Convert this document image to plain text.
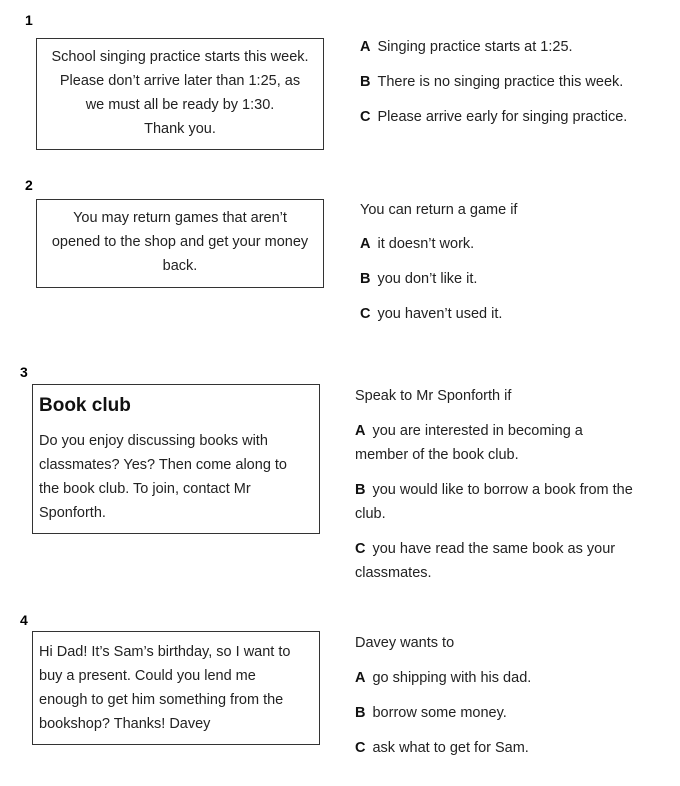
1
School singing practice starts this week.
Please don’t arrive later than 1:25, as
we must all be ready by 1:30.
Thank you.
A Singing practice starts at 1:25.
B There is no singing practice this week.
C Please arrive early for singing practice.
2
You may return games that aren’t
opened to the shop and get your money
back.
You can return a game if
A it doesn’t work.
B you don’t like it.
C you haven’t used it.
3
Book club
Do you enjoy discussing books with
classmates? Yes? Then come along to
the book club. To join, contact Mr
Sponforth.
Speak to Mr Sponforth if
A you are interested in becoming a
member of the book club.
B you would like to borrow a book from the
club.
C you have read the same book as your
classmates.
4
Hi Dad! It’s Sam’s birthday, so I want to
buy a present. Could you lend me
enough to get him something from the
bookshop? Thanks! Davey
Davey wants to
A go shipping with his dad.
B borrow some money.
C ask what to get for Sam.
